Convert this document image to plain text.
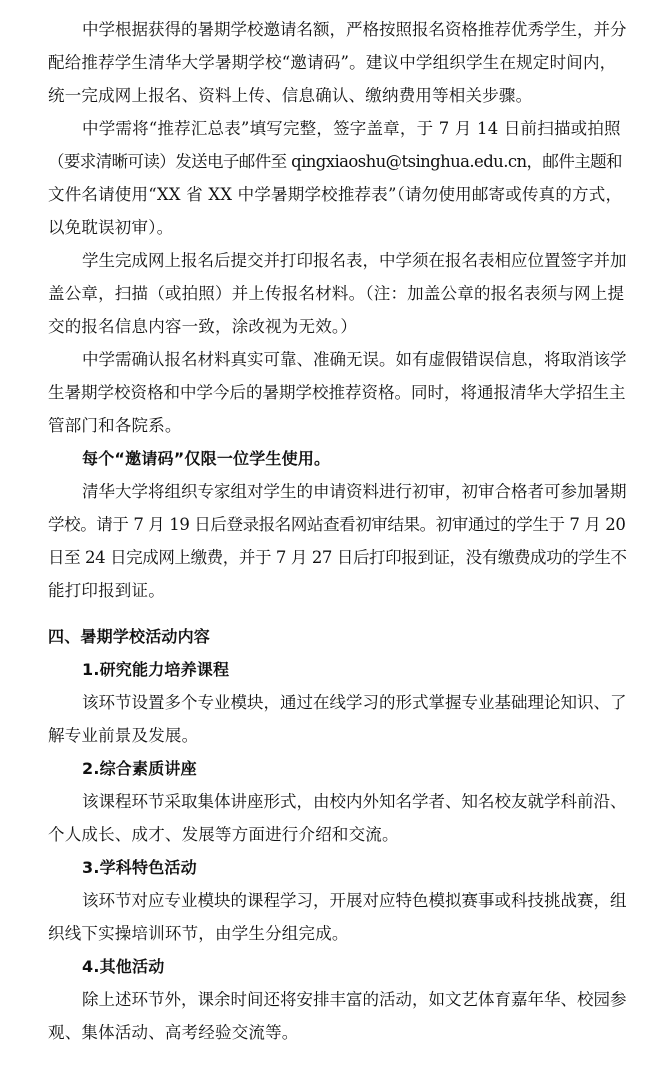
中学根据获得的暑期学校邀请名额，严格按照报名资格推荐优秀学生，并分
配给推荐学生清华大学暑期学校“邀请码”。建议中学组织学生在规定时间内，
统一完成网上报名、资料上传、信息确认、缴纳费用等相关步骤。
中学需将“推荐汇总表”填写完整，签字盖章，于 7 月 14 日前扫描或拍照
（要求清晰可读）发送电子邮件至 qingxiaoshu@tsinghua.edu.cn，邮件主题和
文件名请使用“XX 省 XX 中学暑期学校推荐表”（请勿使用邮寄或传真的方式，
以免耽误初审）。
学生完成网上报名后提交并打印报名表，中学须在报名表相应位置签字并加
盖公章，扫描（或拍照）并上传报名材料。（注：加盖公章的报名表须与网上提
交的报名信息内容一致，涂改视为无效。）
中学需确认报名材料真实可靠、准确无误。如有虚假错误信息，将取消该学
生暑期学校资格和中学今后的暑期学校推荐资格。同时，将通报清华大学招生主
管部门和各院系。
每个“邀请码”仅限一位学生使用。
清华大学将组织专家组对学生的申请资料进行初审，初审合格者可参加暑期
学校。请于 7 月 19 日后登录报名网站查看初审结果。初审通过的学生于 7 月 20
日至 24 日完成网上缴费，并于 7 月 27 日后打印报到证，没有缴费成功的学生不
能打印报到证。
四、暑期学校活动内容
1.研究能力培养课程
该环节设置多个专业模块，通过在线学习的形式掌握专业基础理论知识、了
解专业前景及发展。
2.综合素质讲座
该课程环节采取集体讲座形式，由校内外知名学者、知名校友就学科前沿、
个人成长、成才、发展等方面进行介绍和交流。
3.学科特色活动
该环节对应专业模块的课程学习，开展对应特色模拟赛事或科技挑战赛，组
织线下实操培训环节，由学生分组完成。
4.其他活动
除上述环节外，课余时间还将安排丰富的活动，如文艺体育嘉年华、校园参
观、集体活动、高考经验交流等。
